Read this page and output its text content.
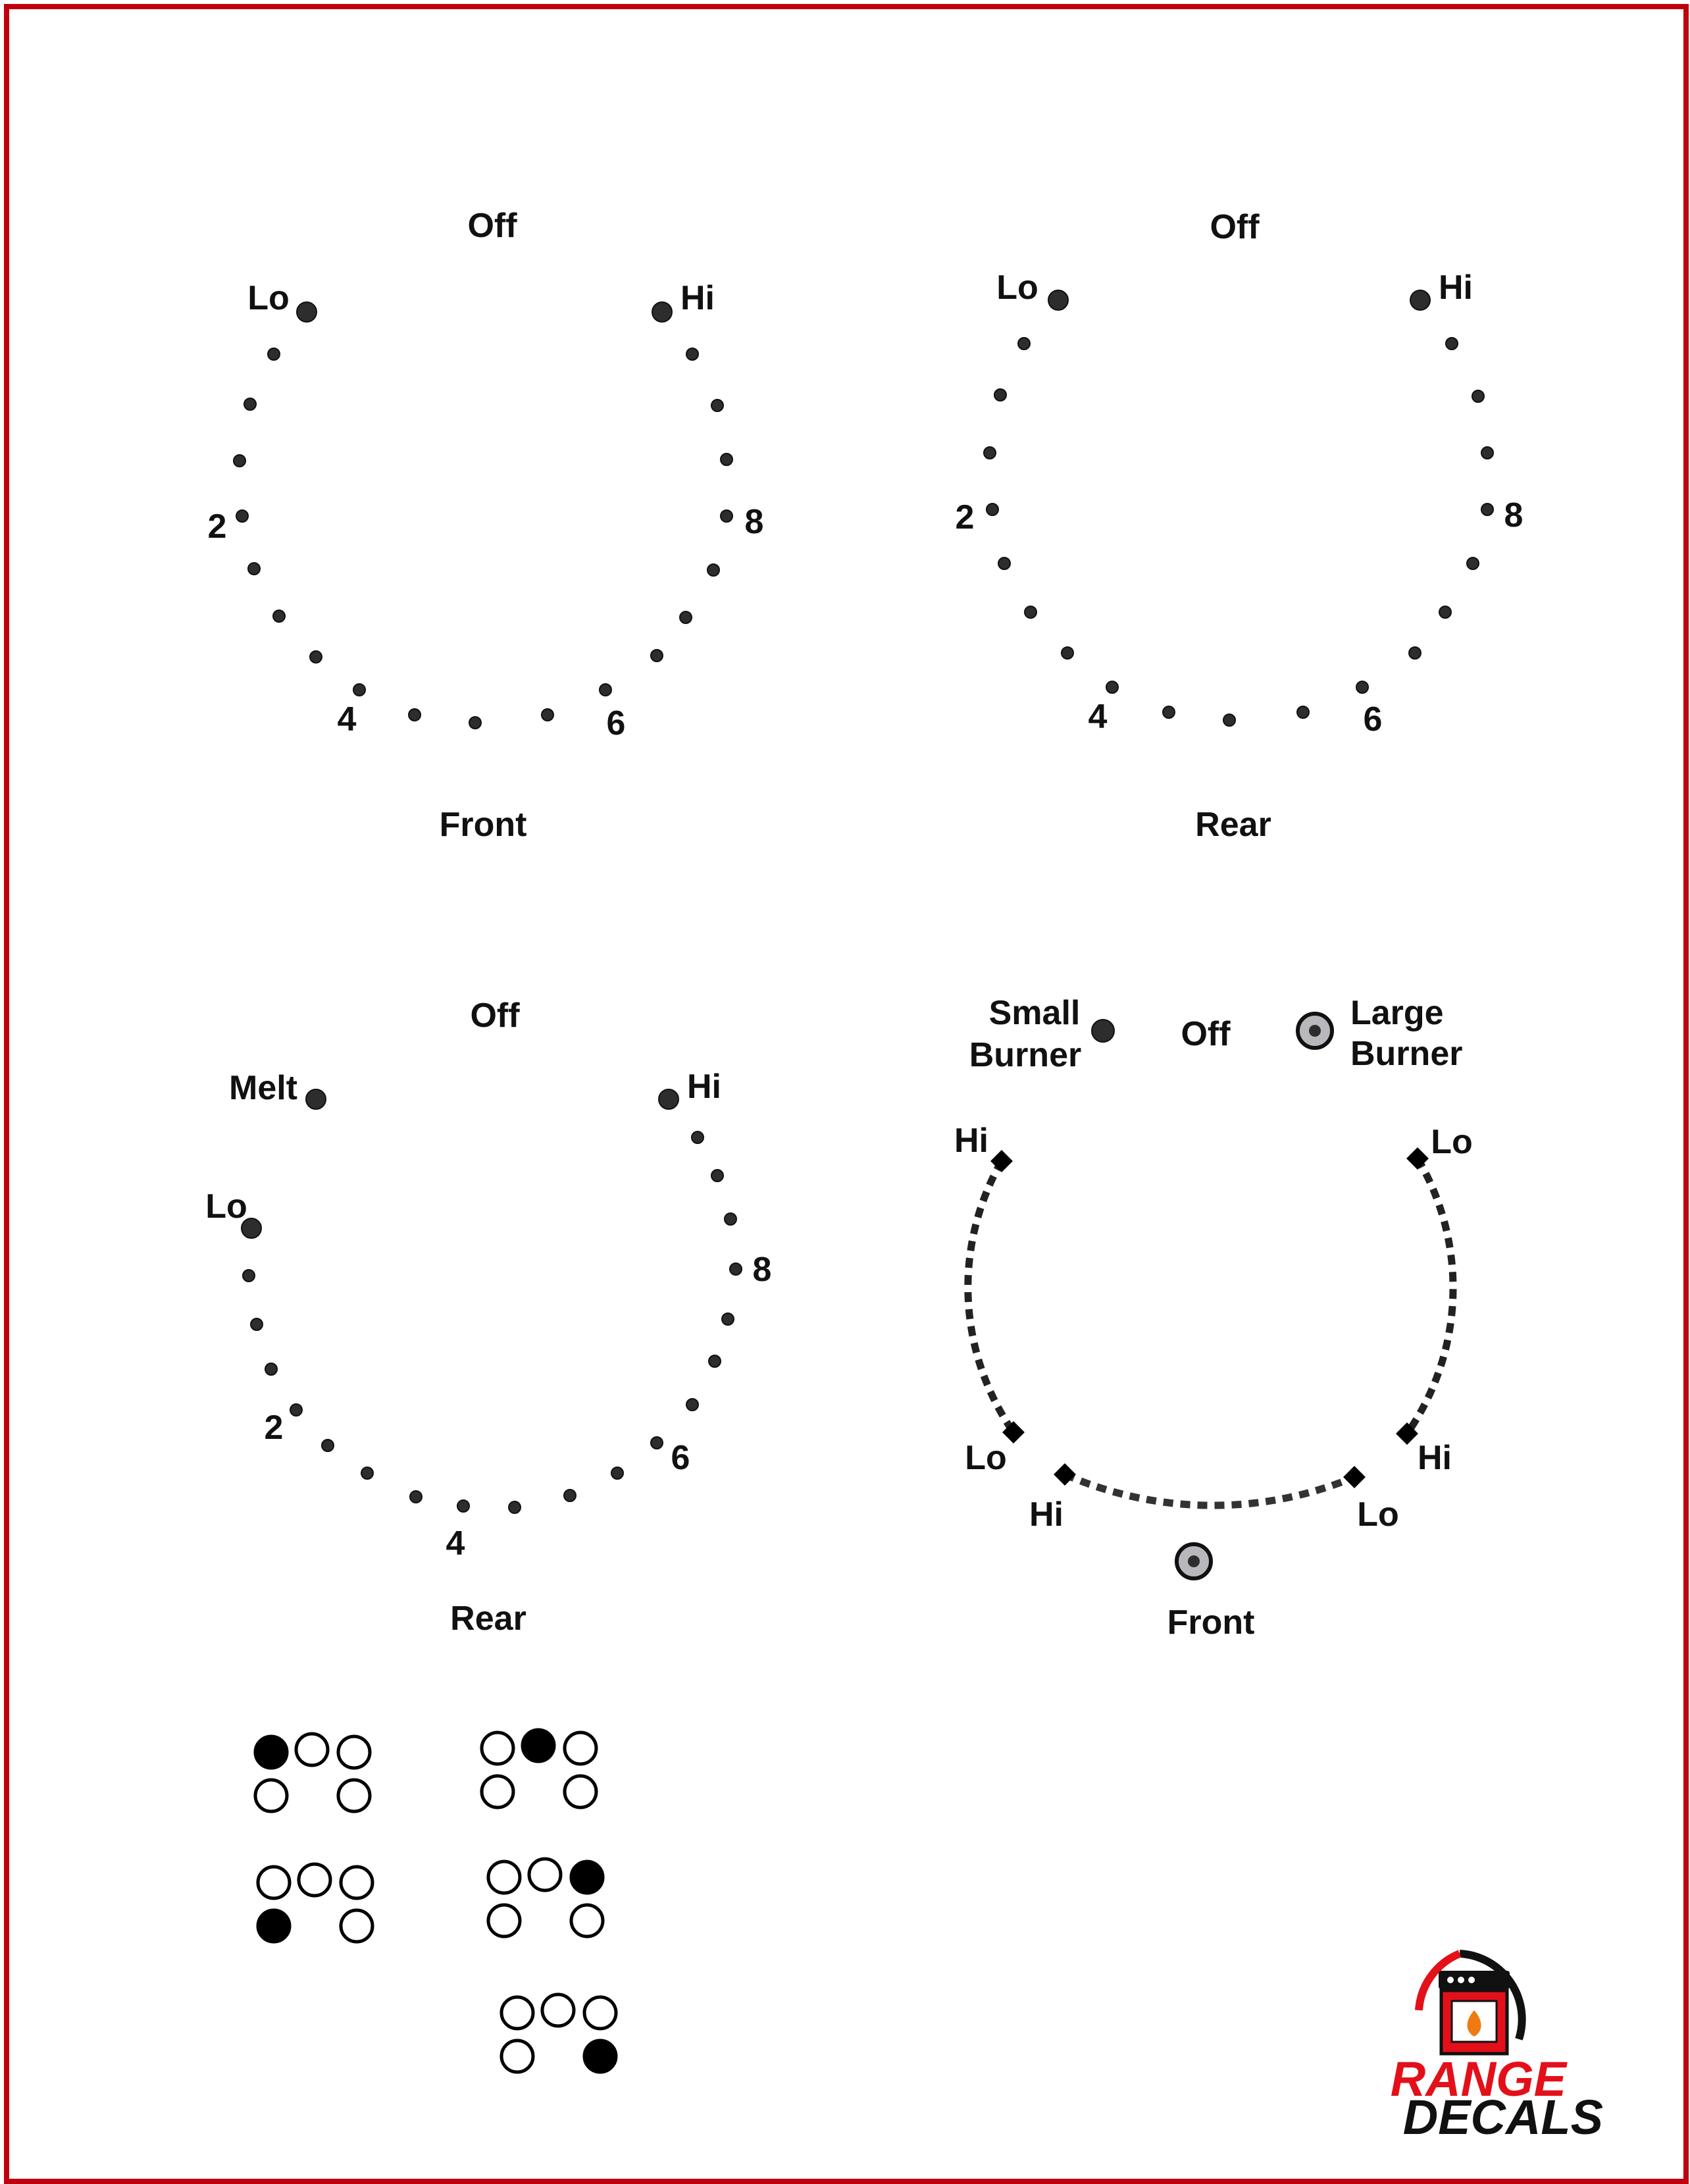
Off
Lo	Hi
2	8
4	6
Front
Off
Lo	Hi
2	8
4	6
Rear
Off
Melt
Lo
Hi
8
2
4
6
Rear
Small
Burner
Off
Large
Burner
Hi
Lo
Lo
Hi
Hi	Lo
Front
RANGE
DECALS
